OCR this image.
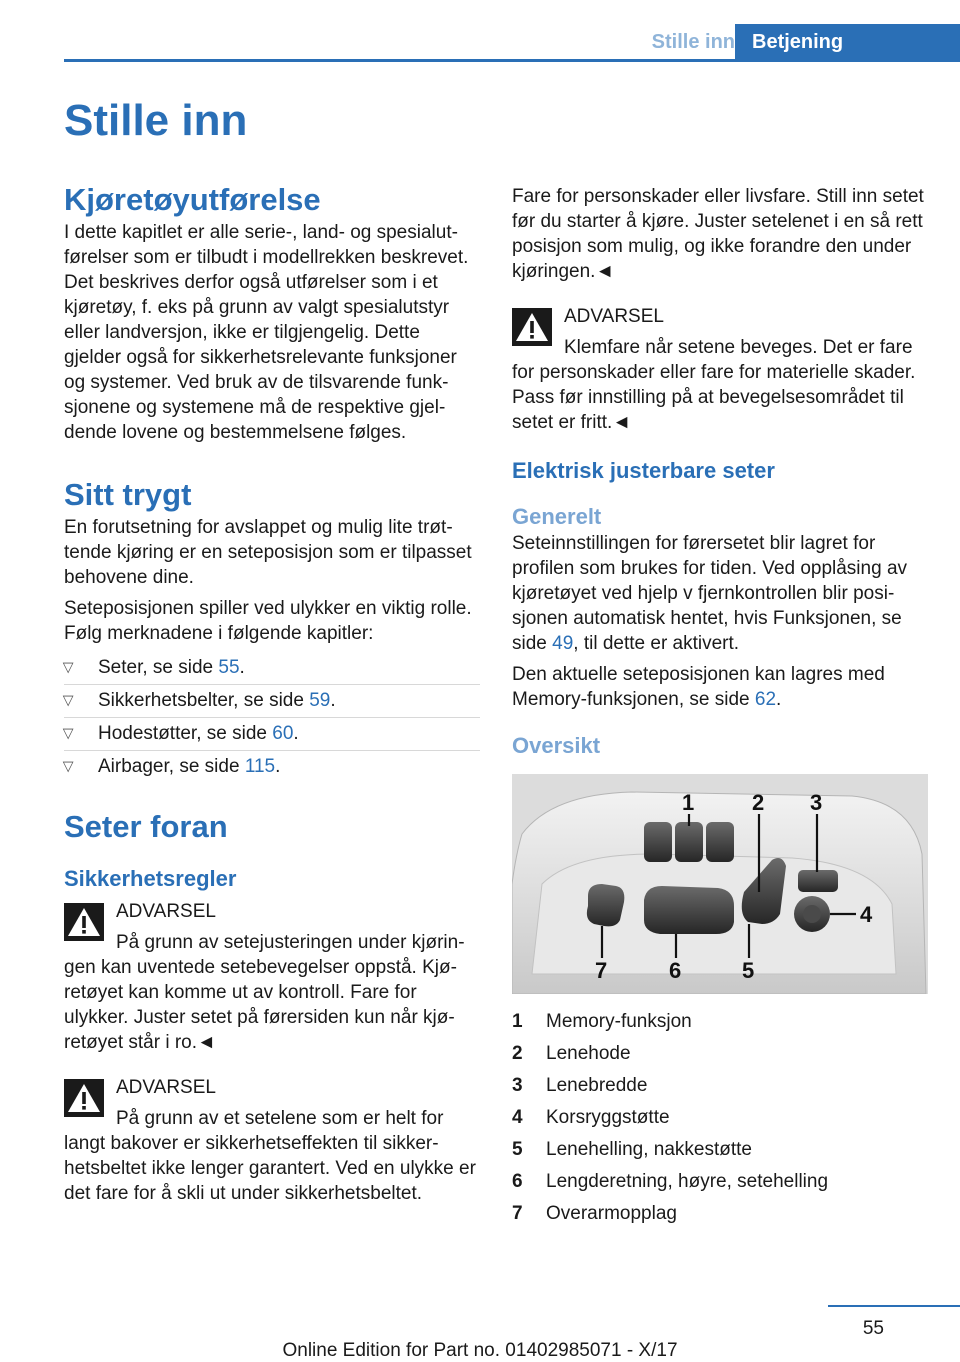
Stille inn Betjening
Stille inn
Kjøretøyutførelse

I dette kapitlet er alle serie-, land- og spesialutførelser som er tilbudt i modellrekken beskrevet. Det beskrives derfor også utførelser som i et kjøretøy, f. eks på grunn av valgt spesialutstyr eller landversjon, ikke er tilgjengelig. Dette gjelder også for sikkerhetsrelevante funksjoner og systemer. Ved bruk av de tilsvarende funksjonene og systemene må de respektive gjeldende lovene og bestemmelsene følges.

Sitt trygt

En forutsetning for avslappet og mulig lite trøttende kjøring er en seteposisjon som er tilpasset behovene dine.

Seteposisjonen spiller ved ulykker en viktig rolle. Følg merknadene i følgende kapitler:

▷ Seter, se side 55.
▷ Sikkerhetsbelter, se side 59.
▷ Hodestøtter, se side 60.
▷ Airbager, se side 115.
Seter foran
Sikkerhetsregler
ADVARSEL
På grunn av setejusteringen under kjøringen kan uventede setebevegelser oppstå. Kjøretøyet kan komme ut av kontroll. Fare for ulykker. Juster setet på førersiden kun når kjøretøyet står i ro.◄
ADVARSEL
På grunn av et setelene som er helt for langt bakover er sikkerhetseffekten til sikkerhetsbeltet ikke lenger garantert. Ved en ulykke er det fare for å skli ut under sikkerhetsbeltet.

Fare for personskader eller livsfare. Still inn setet før du starter å kjøre. Juster setelenet i en så rett posisjon som mulig, og ikke forandre den under kjøringen.◄

ADVARSEL
Klemfare når setene beveges. Det er fare for personskader eller fare for materielle skader. Pass før innstilling på at bevegelsesområdet til setet er fritt.◄
Elektrisk justerbare seter
Generelt

Seteinnstillingen for førersetet blir lagret for profilen som brukes for tiden. Ved opplåsing av kjøretøyet ved hjelp v fjernkontrollen blir posisjonen automatisk hentet, hvis Funksjonen, se side 49, til dette er aktivert.

Den aktuelle seteposisjonen kan lagres med Memory-funksjonen, se side 62.

Oversikt
1	2 3
4
5
6
7
1	Memory-funksjon
2	Lenehode
3	Lenebredde
4	Korsryggstøtte
5	Lenehelling, nakkestøtte
6	Lengderetning, høyre, setehelling
7	Overarmopplag
55
Online Edition for Part no. 01402985071 - X/17
